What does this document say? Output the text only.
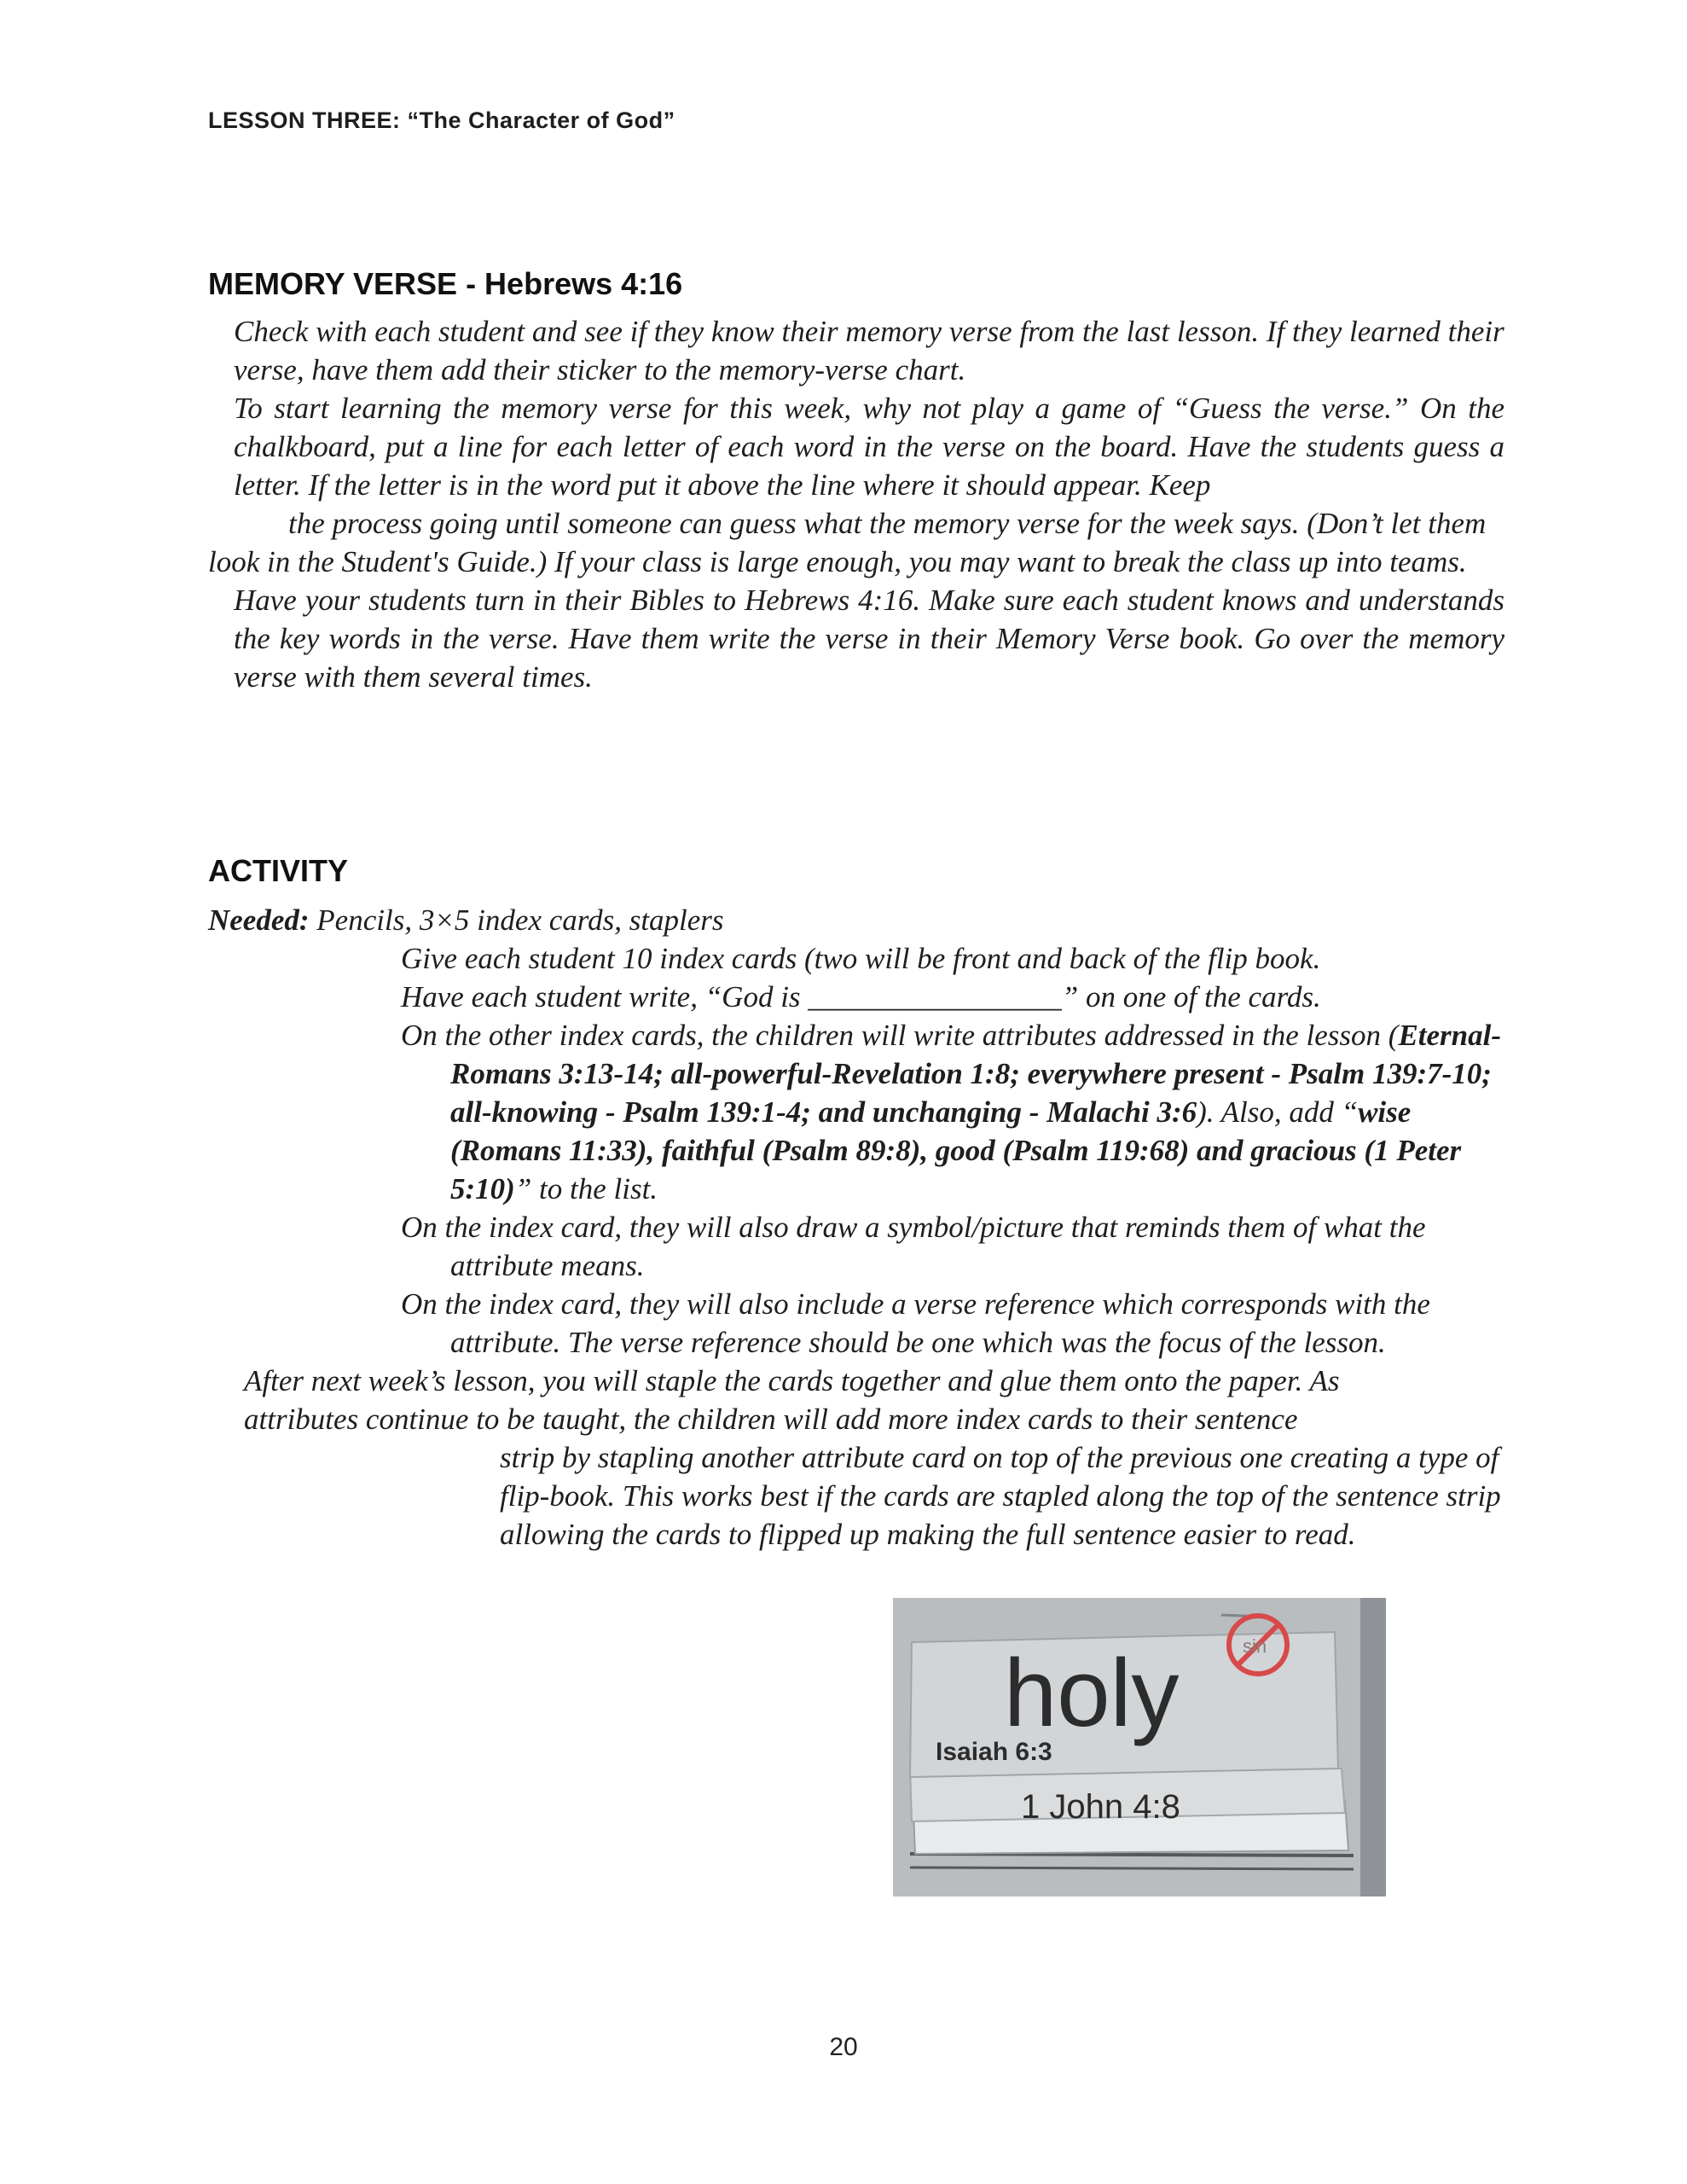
LESSON THREE: “The Character of God”
MEMORY VERSE - Hebrews 4:16

Check with each student and see if they know their memory verse from the last lesson. If they learned their verse, have them add their sticker to the memory-verse chart.

To start learning the memory verse for this week, why not play a game of “Guess the verse.” On the chalkboard, put a line for each letter of each word in the verse on the board. Have the students guess a letter. If the letter is in the word put it above the line where it should appear. Keep

the process going until someone can guess what the memory verse for the week says. (Don’t let them look in the Student's Guide.) If your class is large enough, you may want to break the class up into teams.

Have your students turn in their Bibles to Hebrews 4:16. Make sure each student knows and understands the key words in the verse. Have them write the verse in their Memory Verse book. Go over the memory verse with them several times.

ACTIVITY

Needed: Pencils, 3×5 index cards, staplers

Give each student 10 index cards (two will be front and back of the flip book.

Have each student write, “God is _________________” on one of the cards.

On the other index cards, the children will write attributes addressed in the lesson (Eternal-Romans 3:13-14; all-powerful-Revelation 1:8; everywhere present - Psalm 139:7-10; all-knowing - Psalm 139:1-4; and unchanging - Malachi 3:6). Also, add “wise (Romans 11:33), faithful (Psalm 89:8), good (Psalm 119:68) and gracious (1 Peter 5:10)” to the list.

On the index card, they will also draw a symbol/picture that reminds them of what the attribute means.

On the index card, they will also include a verse reference which corresponds with the attribute. The verse reference should be one which was the focus of the lesson.

After next week’s lesson, you will staple the cards together and glue them onto the paper. As

attributes continue to be taught, the children will add more index cards to their sentence

strip by stapling another attribute card on top of the previous one creating a type of flip-book. This works best if the cards are stapled along the top of the sentence strip allowing the cards to flipped up making the full sentence easier to read.

1 John 4:8
holy
Isaiah 6:3
sin
20
